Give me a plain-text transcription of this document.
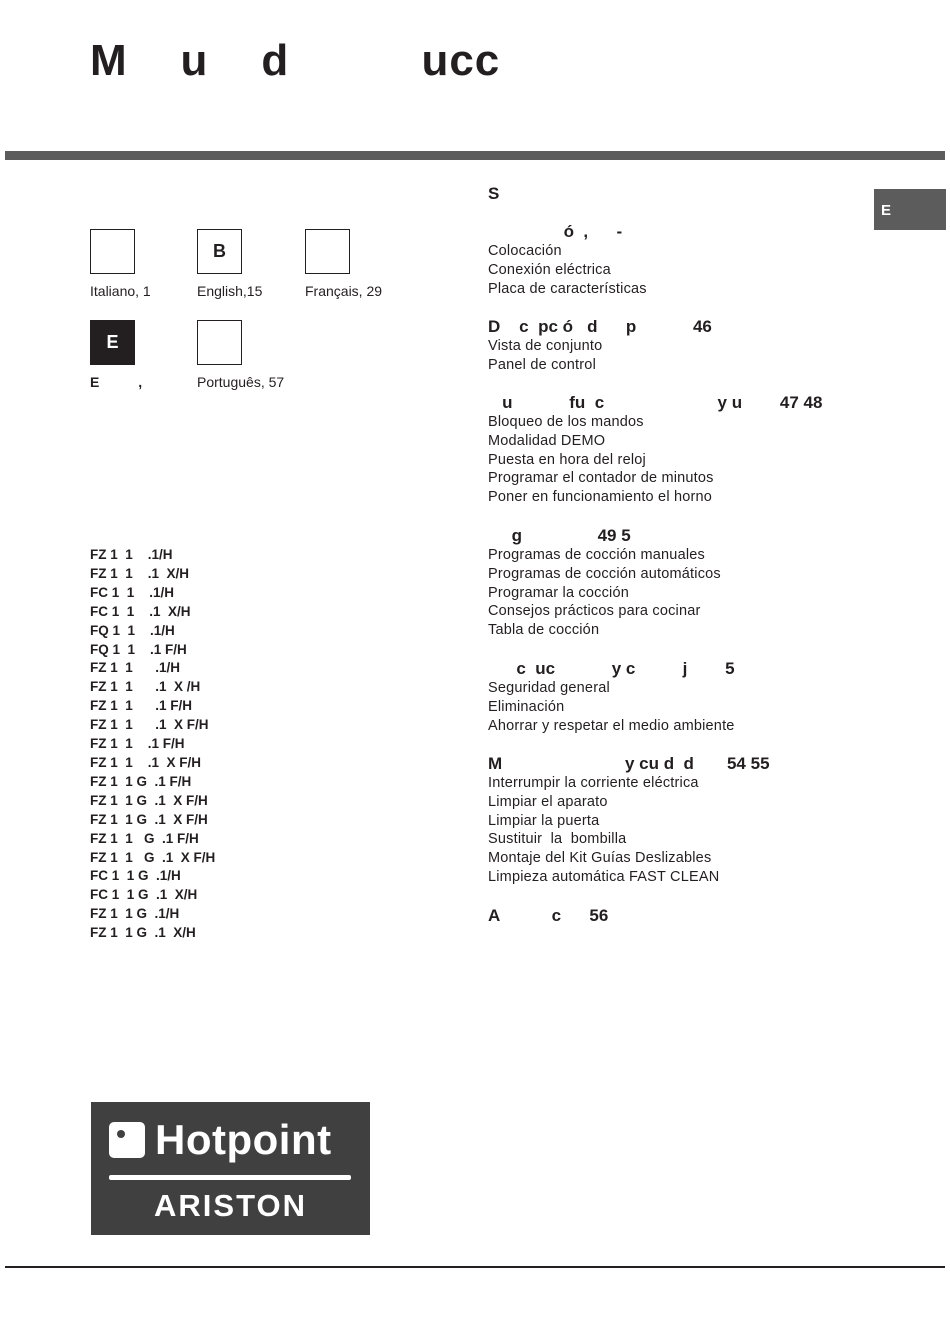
M    u    d          ucc
E
Italiano, 1
B
English,15	Français, 29
E
E          ,	Português, 57
FZ 1  1    .1/H
FZ 1  1    .1  X/H
FC 1  1    .1/H
FC 1  1    .1  X/H
FQ 1  1    .1/H
FQ 1  1    .1 F/H
FZ 1  1      .1/H
FZ 1  1      .1  X /H
FZ 1  1      .1 F/H
FZ 1  1      .1  X F/H
FZ 1  1    .1 F/H
FZ 1  1    .1  X F/H
FZ 1  1 G  .1 F/H
FZ 1  1 G  .1  X F/H
FZ 1  1 G  .1  X F/H
FZ 1  1   G  .1 F/H
FZ 1  1   G  .1  X F/H
FC 1  1 G  .1/H
FC 1  1 G  .1  X/H
FZ 1  1 G  .1/H
FZ 1  1 G  .1  X/H
S
ó  ,      -
Colocación
Conexión eléctrica
Placa de características
D    c  pc ó   d      p            46
Vista de conjunto
Panel de control
u            fu  c                        y u        47 48
Bloqueo de los mandos
Modalidad DEMO
Puesta en hora del reloj
Programar el contador de minutos
Poner en funcionamiento el horno
g                49 5
Programas de cocción manuales
Programas de cocción automáticos
Programar la cocción
Consejos prácticos para cocinar
Tabla de cocción
c  uc            y c          j        5
Seguridad general
Eliminación
Ahorrar y respetar el medio ambiente
M                          y cu d  d       54 55
Interrumpir la corriente eléctrica
Limpiar el aparato
Limpiar la puerta
Sustituir  la  bombilla
Montaje del Kit Guías Deslizables
Limpieza automática FAST CLEAN
A           c      56
Hotpoint
ARISTON
